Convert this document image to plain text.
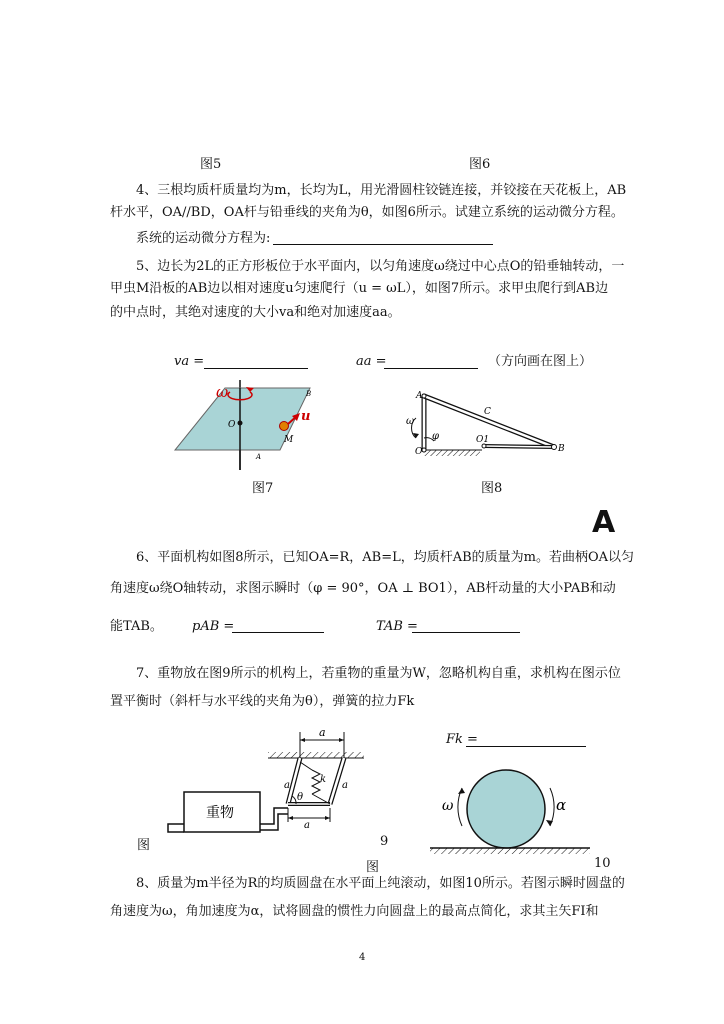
图5	图6
4、三根均质杆质量均为m，长均为L，用光滑圆柱铰链连接，并铰接在天花板上，AB
杆水平，OA//BD，OA杆与铅垂线的夹角为θ，如图6所示。试建立系统的运动微分方程。
系统的运动微分方程为:
5、边长为2L的正方形板位于水平面内，以匀角速度ω绕过中心点O的铅垂轴转动，一
甲虫M沿板的AB边以相对速度u匀速爬行（u = ωL），如图7所示。求甲虫爬行到AB边
的中点时，其绝对速度的大小va和绝对加速度aa。
va =	aa =	（方向画在图上）
ω
O
u
M
A
B	A
C
O1
B
O
ω
φ
图7	图8
A
6、平面机构如图8所示，已知OA=R，AB=L，均质杆AB的质量为m。若曲柄OA以匀
角速度ω绕O轴转动，求图示瞬时（φ = 90°，OA ⊥ BO1），AB杆动量的大小PAB和动
能TAB。 pAB =	TAB =
7、重物放在图9所示的机构上，若重物的重量为W，忽略机构自重，求机构在图示位
置平衡时（斜杆与水平线的夹角为θ），弹簧的拉力Fk
Fk =
a
k
a	a
θ
a
重物
图	9
ω	α
图	10
8、质量为m半径为R的均质圆盘在水平面上纯滚动，如图10所示。若图示瞬时圆盘的
角速度为ω，角加速度为α，试将圆盘的惯性力向圆盘上的最高点简化，求其主矢FI和
4
